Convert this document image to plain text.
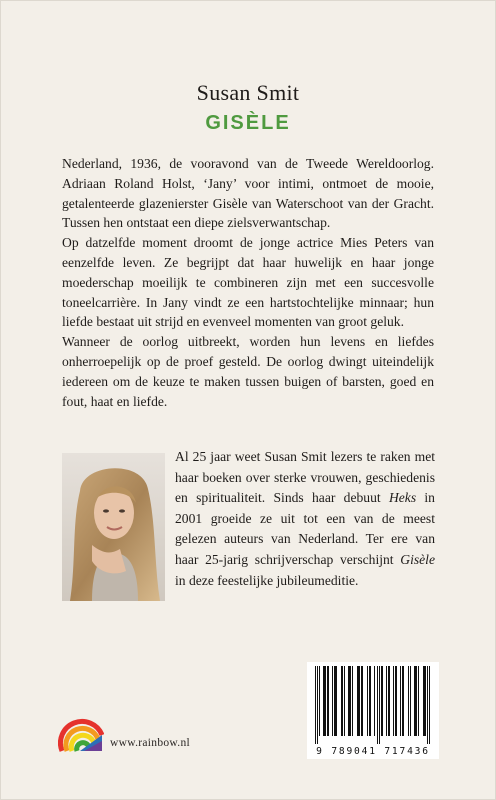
Susan Smit
GISÈLE

Nederland, 1936, de vooravond van de Tweede Wereldoorlog. Adriaan Roland Holst, ‘Jany’ voor intimi, ontmoet de mooie, getalenteerde glazenierster Gisèle van Waterschoot van der Gracht. Tussen hen ontstaat een diepe zielsverwantschap.

Op datzelfde moment droomt de jonge actrice Mies Peters van eenzelfde leven. Ze begrijpt dat haar huwelijk en haar jonge moederschap moeilijk te combineren zijn met een succesvolle toneelcarrière. In Jany vindt ze een hartstochtelijke minnaar; hun liefde bestaat uit strijd en evenveel momenten van groot geluk.

Wanneer de oorlog uitbreekt, worden hun levens en liefdes onherroepelijk op de proef gesteld. De oorlog dwingt uiteindelijk iedereen om de keuze te maken tussen buigen of barsten, goed en fout, haat en liefde.

Al 25 jaar weet Susan Smit lezers te raken met haar boeken over sterke vrouwen, geschiedenis en spiritualiteit. Sinds haar debuut Heks in 2001 groeide ze uit tot een van de meest gelezen auteurs van Nederland. Ter ere van haar 25-jarig schrijverschap verschijnt Gisèle in deze feestelijke jubileumeditie.

www.rainbow.nl
9 789041 717436
